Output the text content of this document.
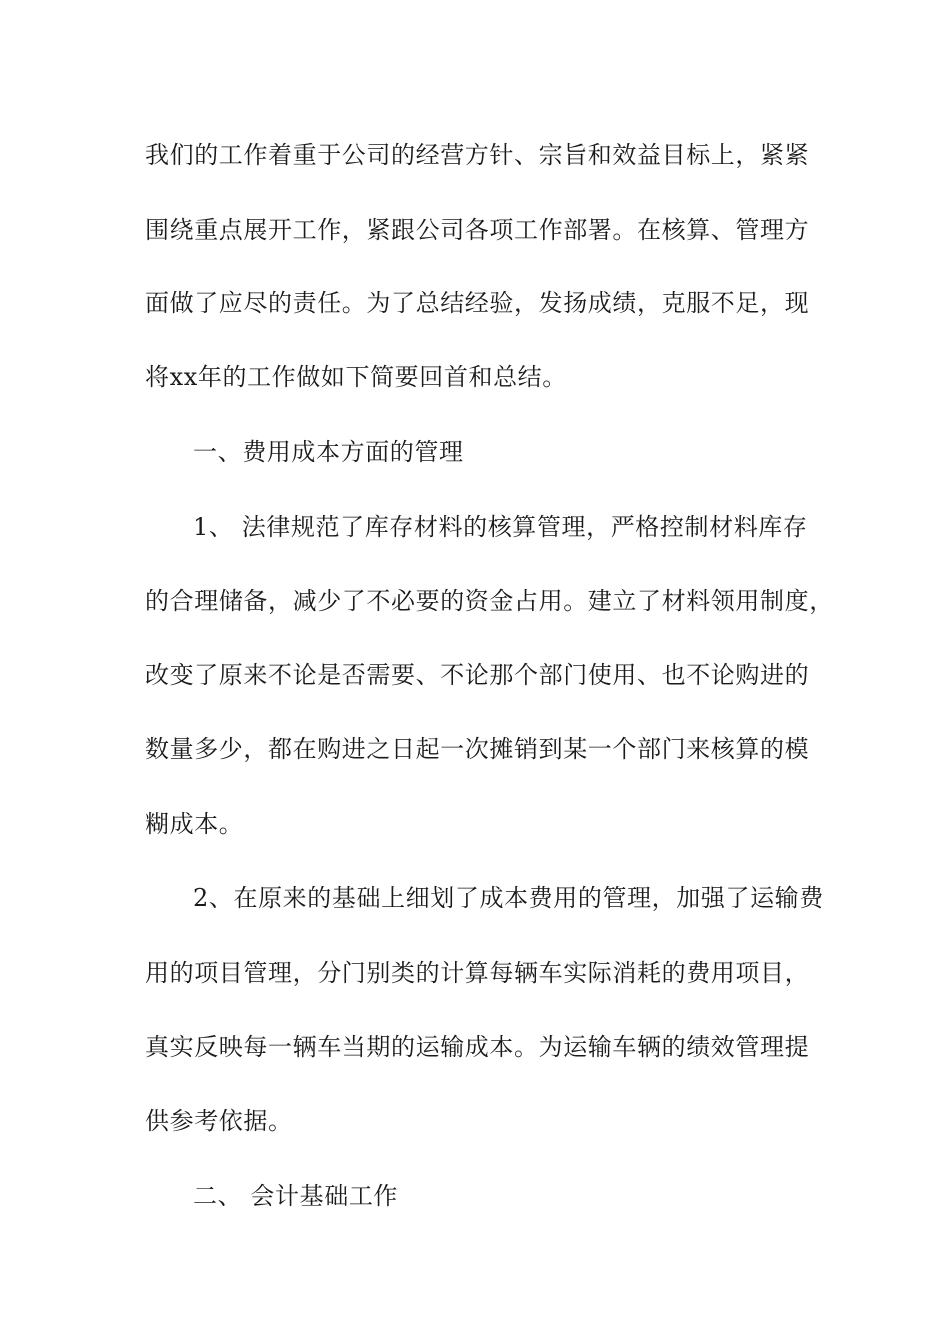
我们的工作着重于公司的经营方针、宗旨和效益目标上，紧紧
围绕重点展开工作，紧跟公司各项工作部署。在核算、管理方
面做了应尽的责任。为了总结经验，发扬成绩，克服不足，现
将xx年的工作做如下简要回首和总结。
一、费用成本方面的管理
1、 法律规范了库存材料的核算管理，严格控制材料库存
的合理储备，减少了不必要的资金占用。建立了材料领用制度，
改变了原来不论是否需要、不论那个部门使用、也不论购进的
数量多少，都在购进之日起一次摊销到某一个部门来核算的模
糊成本。
2、在原来的基础上细划了成本费用的管理，加强了运输费
用的项目管理，分门别类的计算每辆车实际消耗的费用项目，
真实反映每一辆车当期的运输成本。为运输车辆的绩效管理提
供参考依据。
二、 会计基础工作
